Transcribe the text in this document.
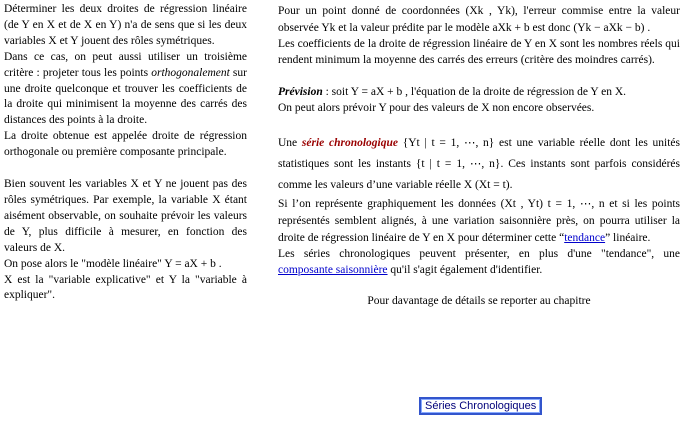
Déterminer les deux droites de régression linéaire (de Y en X et de X en Y) n'a de sens que si les deux variables X et Y jouent des rôles symétriques.

Dans ce cas, on peut aussi utiliser un troisième critère : projeter tous les points orthogonalement sur une droite quelconque et trouver les coefficients de la droite qui minimisent la moyenne des carrés des distances des points à la droite.

La droite obtenue est appelée droite de régression orthogonale ou première composante principale.

Bien souvent les variables X et Y ne jouent pas des rôles symétriques. Par exemple, la variable X étant aisément observable, on souhaite prévoir les valeurs de Y, plus difficile à mesurer, en fonction des valeurs de X.

On pose alors le "modèle linéaire" Y = aX + b .

X est la "variable explicative" et Y la "variable à expliquer".

Pour un point donné de coordonnées (Xk , Yk), l'erreur commise entre la valeur observée Yk et la valeur prédite par le modèle aXk + b est donc (Yk − aXk − b) .

Les coefficients de la droite de régression linéaire de Y en X sont les nombres réels qui rendent minimum la moyenne des carrés des erreurs (critère des moindres carrés).

Prévision : soit Y = aX + b , l'équation de la droite de régression de Y en X.

On peut alors prévoir Y pour des valeurs de X non encore observées.

Une série chronologique {Yt | t = 1, ⋯, n} est une variable réelle dont les unités statistiques sont les instants {t | t = 1, ⋯, n}. Ces instants sont parfois considérés comme les valeurs d’une variable réelle X (Xt = t).

Si l’on représente graphiquement les données (Xt , Yt) t = 1, ⋯, n et si les points représentés semblent alignés, à une variation saisonnière près, on pourra utiliser la droite de régression linéaire de Y en X pour déterminer cette “tendance” linéaire.

Les séries chronologiques peuvent présenter, en plus d'une "tendance", une composante saisonnière qu'il s'agit également d'identifier.

Pour davantage de détails se reporter au chapitre

Séries Chronologiques
